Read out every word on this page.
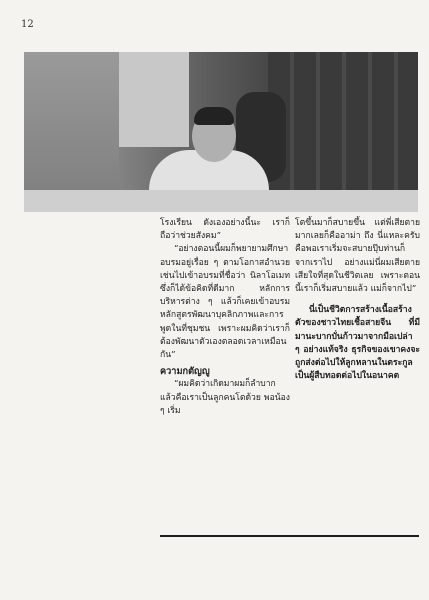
12

โรงเรียน ดังเองอย่างนี้นะ เราก็ถือว่าช่วยสังคม”

“อย่างตอนนี้ผมก็พยายามศึกษาอบรมอยู่เรื่อย ๆ ตามโอกาสอำนวย เช่นไปเข้าอบรมที่ชื่อว่า นิลาโอเมท ซึ่งก็ได้ข้อคิดที่ดีมาก หลักการบริหารต่าง ๆ แล้วก็เคยเข้าอบรมหลักสูตรพัฒนาบุคลิกภาพและการพูดในที่ชุมชน เพราะผมคิดว่าเราก็ต้องพัฒนาตัวเองตลอดเวลาเหมือนกัน”

ความกตัญญู

“ผมคิดว่าเกิดมาผมก็ลำบากแล้วคือเราเป็นลูกคนโตด้วย พอน้อง ๆ เริ่ม

โตขึ้นมาก็สบายขึ้น แต่พี่เสียตายมากเลยก็คืออาม่า ถึง นี่แหละครับคือพอเราเริ่มจะสบายปุ๊บท่านก็จากเราไป อย่างแม่นี่ผมเสียดายเสียใจที่สุดในชีวิตเลย เพราะตอนนี้เราก็เริ่มสบายแล้ว แม่ก็จากไป”

นี่เป็นชีวิตการสร้างเนื้อสร้างตัวของชาวไทยเชื้อสายจีน ที่มีมานะบากบั่นก้าวมาจากมือเปล่า ๆ อย่างแท้จริง ธุรกิจของเขาคงจะถูกส่งต่อไปให้ลูกหลานในตระกูลเป็นผู้สืบทอดต่อไปในอนาคต
